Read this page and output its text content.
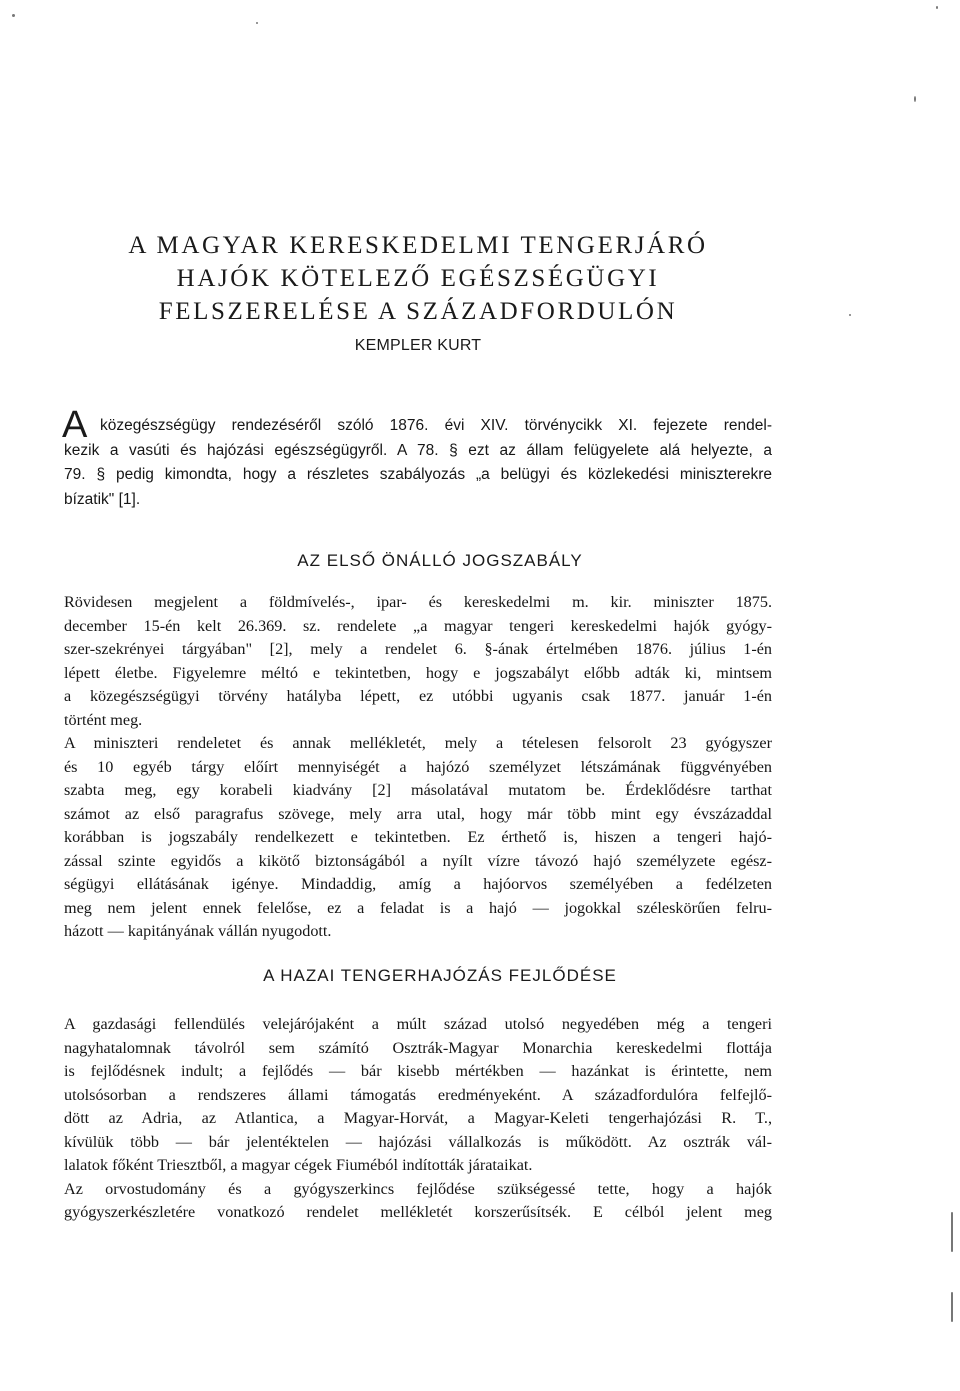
A MAGYAR KERESKEDELMI TENGERJÁRÓ
HAJÓK KÖTELEZŐ EGÉSZSÉGÜGYI
FELSZERELÉSE A SZÁZADFORDULÓN
KEMPLER KURT
A közegészségügy rendezéséről szóló 1876. évi XIV. törvénycikk XI. fejezete rendel-
kezik a vasúti és hajózási egészségügyről. A 78. § ezt az állam felügyelete alá helyezte, a
79. § pedig kimondta, hogy a részletes szabályozás „a belügyi és közlekedési miniszterekre
bízatik" [1].
AZ ELSŐ ÖNÁLLÓ JOGSZABÁLY
Rövidesen megjelent a földmívelés-, ipar- és kereskedelmi m. kir. miniszter 1875.
december 15-én kelt 26.369. sz. rendelete „a magyar tengeri kereskedelmi hajók gyógy-
szer-szekrényei tárgyában" [2], mely a rendelet 6. §-ának értelmében 1876. július 1-én
lépett életbe. Figyelemre méltó e tekintetben, hogy e jogszabályt előbb adták ki, mintsem
a közegészségügyi törvény hatályba lépett, ez utóbbi ugyanis csak 1877. január 1-én
történt meg.
A miniszteri rendeletet és annak mellékletét, mely a tételesen felsorolt 23 gyógyszer
és 10 egyéb tárgy előírt mennyiségét a hajózó személyzet létszámának függvényében
szabta meg, egy korabeli kiadvány [2] másolatával mutatom be. Érdeklődésre tarthat
számot az első paragrafus szövege, mely arra utal, hogy már több mint egy évszázaddal
korábban is jogszabály rendelkezett e tekintetben. Ez érthető is, hiszen a tengeri hajó-
zással szinte egyidős a kikötő biztonságából a nyílt vízre távozó hajó személyzete egész-
ségügyi ellátásának igénye. Mindaddig, amíg a hajóorvos személyében a fedélzeten
meg nem jelent ennek felelőse, ez a feladat is a hajó — jogokkal széleskörűen felru-
házott — kapitányának vállán nyugodott.
A HAZAI TENGERHAJÓZÁS FEJLŐDÉSE
A gazdasági fellendülés velejárójaként a múlt század utolsó negyedében még a tengeri
nagyhatalomnak távolról sem számító Osztrák-Magyar Monarchia kereskedelmi flottája
is fejlődésnek indult; a fejlődés — bár kisebb mértékben — hazánkat is érintette, nem
utolsósorban a rendszeres állami támogatás eredményeként. A századfordulóra felfejlő-
dött az Adria, az Atlantica, a Magyar-Horvát, a Magyar-Keleti tengerhajózási R. T.,
kívülük több — bár jelentéktelen — hajózási vállalkozás is működött. Az osztrák vál-
lalatok főként Triesztből, a magyar cégek Fiuméból indították járataikat.
Az orvostudomány és a gyógyszerkincs fejlődése szükségessé tette, hogy a hajók
gyógyszerkészletére vonatkozó rendelet mellékletét korszerűsítsék. E célból jelent meg
